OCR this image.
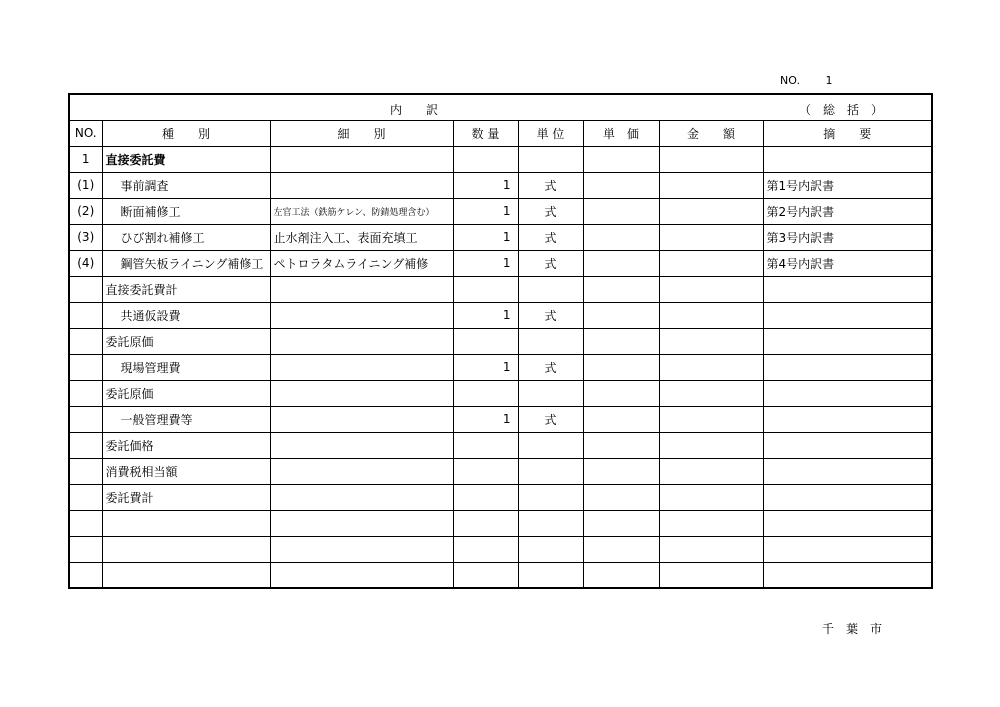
NO. 1
内　　訳 （　総　括　）							

NO.	種　　別	細　　別	数 量	単 位	単　価	金　　額	摘　　要
1	直接委託費						
(1)	事前調査		1	式			第1号内訳書
(2)	断面補修工	左官工法（鉄筋ケレン、防錆処理含む）	1	式			第2号内訳書
(3)	ひび割れ補修工	止水剤注入工、表面充填工	1	式			第3号内訳書
(4)	鋼管矢板ライニング補修工	ペトロラタムライニング補修	1	式			第4号内訳書
	直接委託費計						
	共通仮設費		1	式			
	委託原価						
	現場管理費		1	式			
	委託原価						
	一般管理費等		1	式			
	委託価格						
	消費税相当額						
	委託費計						

千　葉　市
